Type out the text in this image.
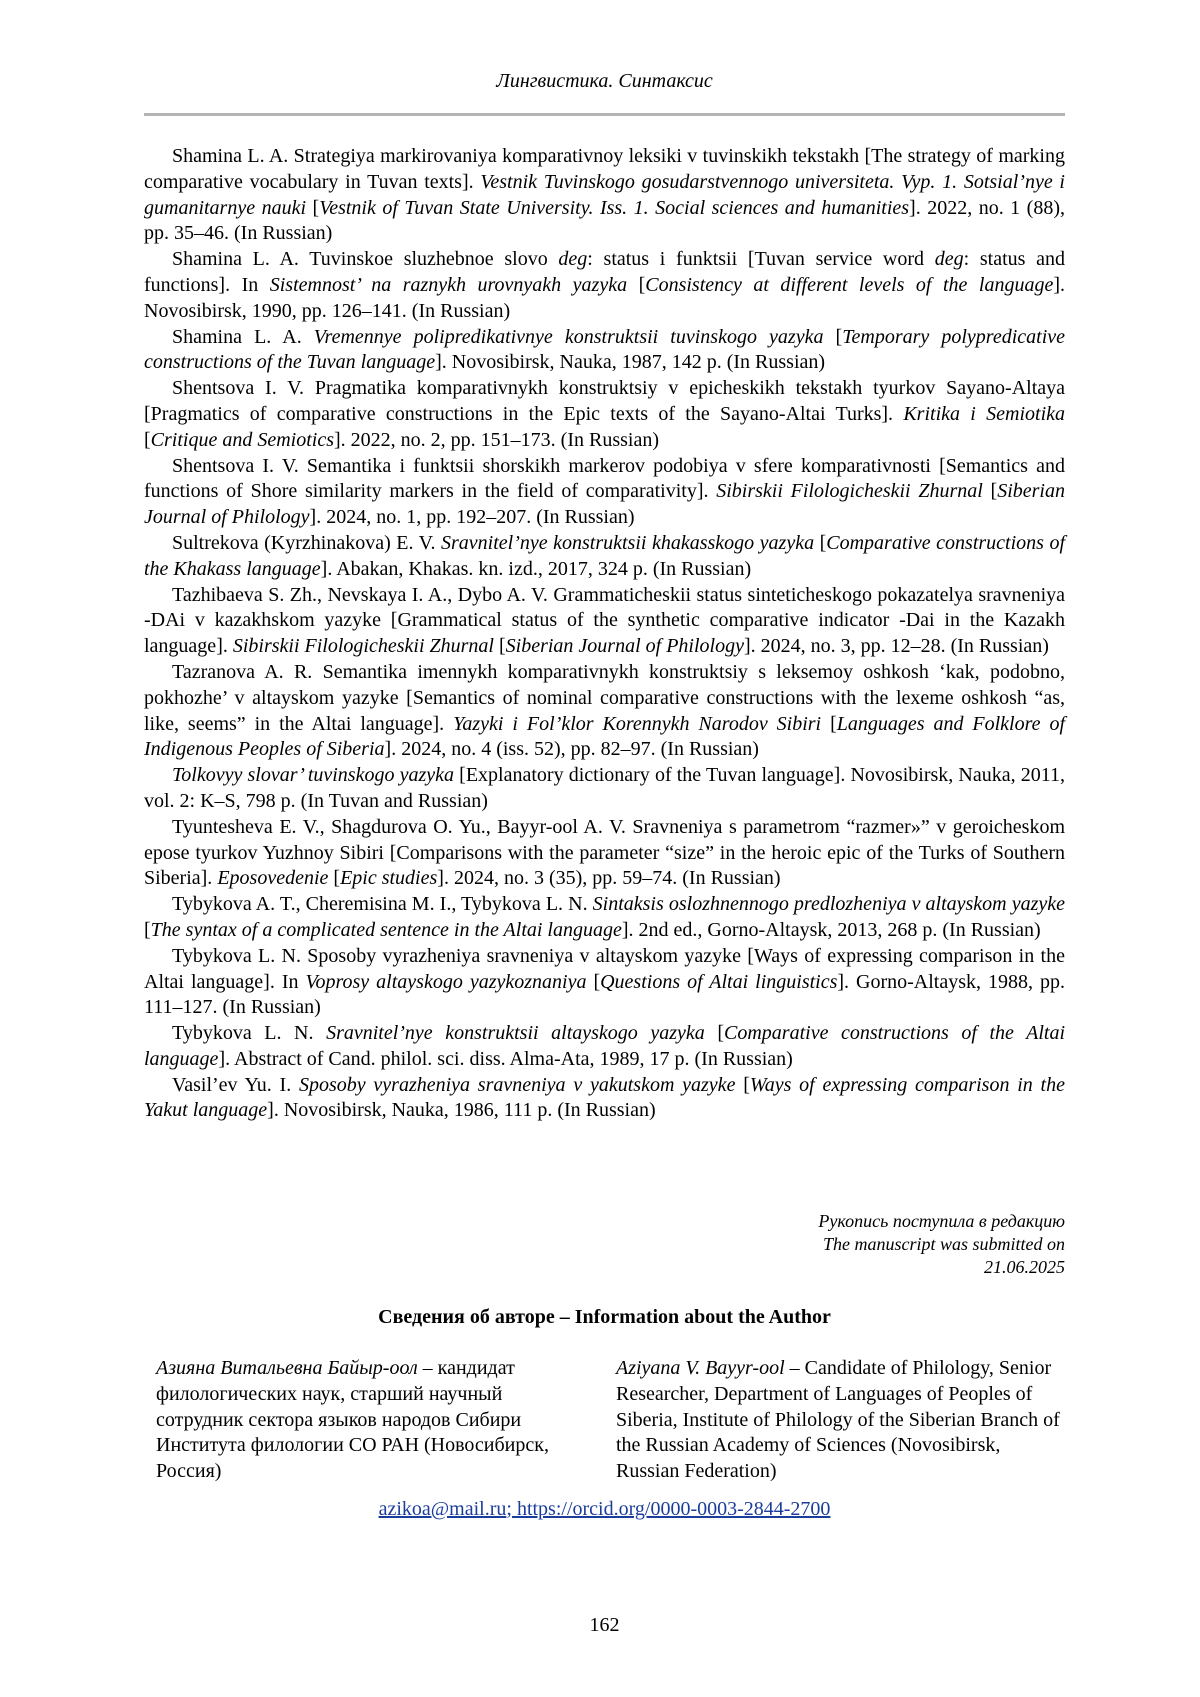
Лингвистика. Синтаксис

Shamina L. A. Strategiya markirovaniya komparativnoy leksiki v tuvinskikh tekstakh [The strategy of marking comparative vocabulary in Tuvan texts]. Vestnik Tuvinskogo gosudarstvennogo universiteta. Vyp. 1. Sotsial’nye i gumanitarnye nauki [Vestnik of Tuvan State University. Iss. 1. Social sciences and humanities]. 2022, no. 1 (88), pp. 35–46. (In Russian)

Shamina L. A. Tuvinskoe sluzhebnoe slovo deg: status i funktsii [Tuvan service word deg: status and functions]. In Sistemnost’ na raznykh urovnyakh yazyka [Consistency at different levels of the language]. Novosibirsk, 1990, pp. 126–141. (In Russian)

Shamina L. A. Vremennye polipredikativnye konstruktsii tuvinskogo yazyka [Temporary polypredicative constructions of the Tuvan language]. Novosibirsk, Nauka, 1987, 142 p. (In Russian)

Shentsova I. V. Pragmatika komparativnykh konstruktsiy v epicheskikh tekstakh tyurkov Sayano-Altaya [Pragmatics of comparative constructions in the Epic texts of the Sayano-Altai Turks]. Kritika i Semiotika [Critique and Semiotics]. 2022, no. 2, pp. 151–173. (In Russian)

Shentsova I. V. Semantika i funktsii shorskikh markerov podobiya v sfere komparativnosti [Semantics and functions of Shore similarity markers in the field of comparativity]. Sibirskii Filologicheskii Zhurnal [Siberian Journal of Philology]. 2024, no. 1, pp. 192–207. (In Russian)

Sultrekova (Kyrzhinakova) E. V. Sravnitel’nye konstruktsii khakasskogo yazyka [Comparative constructions of the Khakass language]. Abakan, Khakas. kn. izd., 2017, 324 p. (In Russian)

Tazhibaeva S. Zh., Nevskaya I. A., Dybo A. V. Grammaticheskii status sinteticheskogo pokazatelya sravneniya -DAi v kazakhskom yazyke [Grammatical status of the synthetic comparative indicator -Dai in the Kazakh language]. Sibirskii Filologicheskii Zhurnal [Siberian Journal of Philology]. 2024, no. 3, pp. 12–28. (In Russian)

Tazranova A. R. Semantika imennykh komparativnykh konstruktsiy s leksemoy oshkosh ‘kak, podobno, pokhozhe’ v altayskom yazyke [Semantics of nominal comparative constructions with the lexeme oshkosh “as, like, seems” in the Altai language]. Yazyki i Fol’klor Korennykh Narodov Sibiri [Languages and Folklore of Indigenous Peoples of Siberia]. 2024, no. 4 (iss. 52), pp. 82–97. (In Russian)

Tolkovyy slovar’ tuvinskogo yazyka [Explanatory dictionary of the Tuvan language]. Novosibirsk, Nauka, 2011, vol. 2: K–S, 798 p. (In Tuvan and Russian)

Tyuntesheva E. V., Shagdurova O. Yu., Bayyr-ool A. V. Sravneniya s parametrom “razmer»” v geroicheskom epose tyurkov Yuzhnoy Sibiri [Comparisons with the parameter “size” in the heroic epic of the Turks of Southern Siberia]. Eposovedenie [Epic studies]. 2024, no. 3 (35), pp. 59–74. (In Russian)

Tybykova A. T., Cheremisina M. I., Tybykova L. N. Sintaksis oslozhnennogo predlozheniya v altayskom yazyke [The syntax of a complicated sentence in the Altai language]. 2nd ed., Gorno-Altaysk, 2013, 268 p. (In Russian)

Tybykova L. N. Sposoby vyrazheniya sravneniya v altayskom yazyke [Ways of expressing comparison in the Altai language]. In Voprosy altayskogo yazykoznaniya [Questions of Altai linguistics]. Gorno-Altaysk, 1988, pp. 111–127. (In Russian)

Tybykova L. N. Sravnitel’nye konstruktsii altayskogo yazyka [Comparative constructions of the Altai language]. Abstract of Cand. philol. sci. diss. Alma-Ata, 1989, 17 p. (In Russian)

Vasil’ev Yu. I. Sposoby vyrazheniya sravneniya v yakutskom yazyke [Ways of expressing comparison in the Yakut language]. Novosibirsk, Nauka, 1986, 111 p. (In Russian)

Рукопись поступила в редакцию
The manuscript was submitted on
21.06.2025
Сведения об авторе – Information about the Author
Азияна Витальевна Байыр-оол – кандидат филологических наук, старший научный сотрудник сектора языков народов Сибири Института филологии СО РАН (Новосибирск, Россия)
Aziyana V. Bayyr-ool – Candidate of Philology, Senior Researcher, Department of Languages of Peoples of Siberia, Institute of Philology of the Siberian Branch of the Russian Academy of Sciences (Novosibirsk, Russian Federation)
azikoa@mail.ru; https://orcid.org/0000-0003-2844-2700
162
